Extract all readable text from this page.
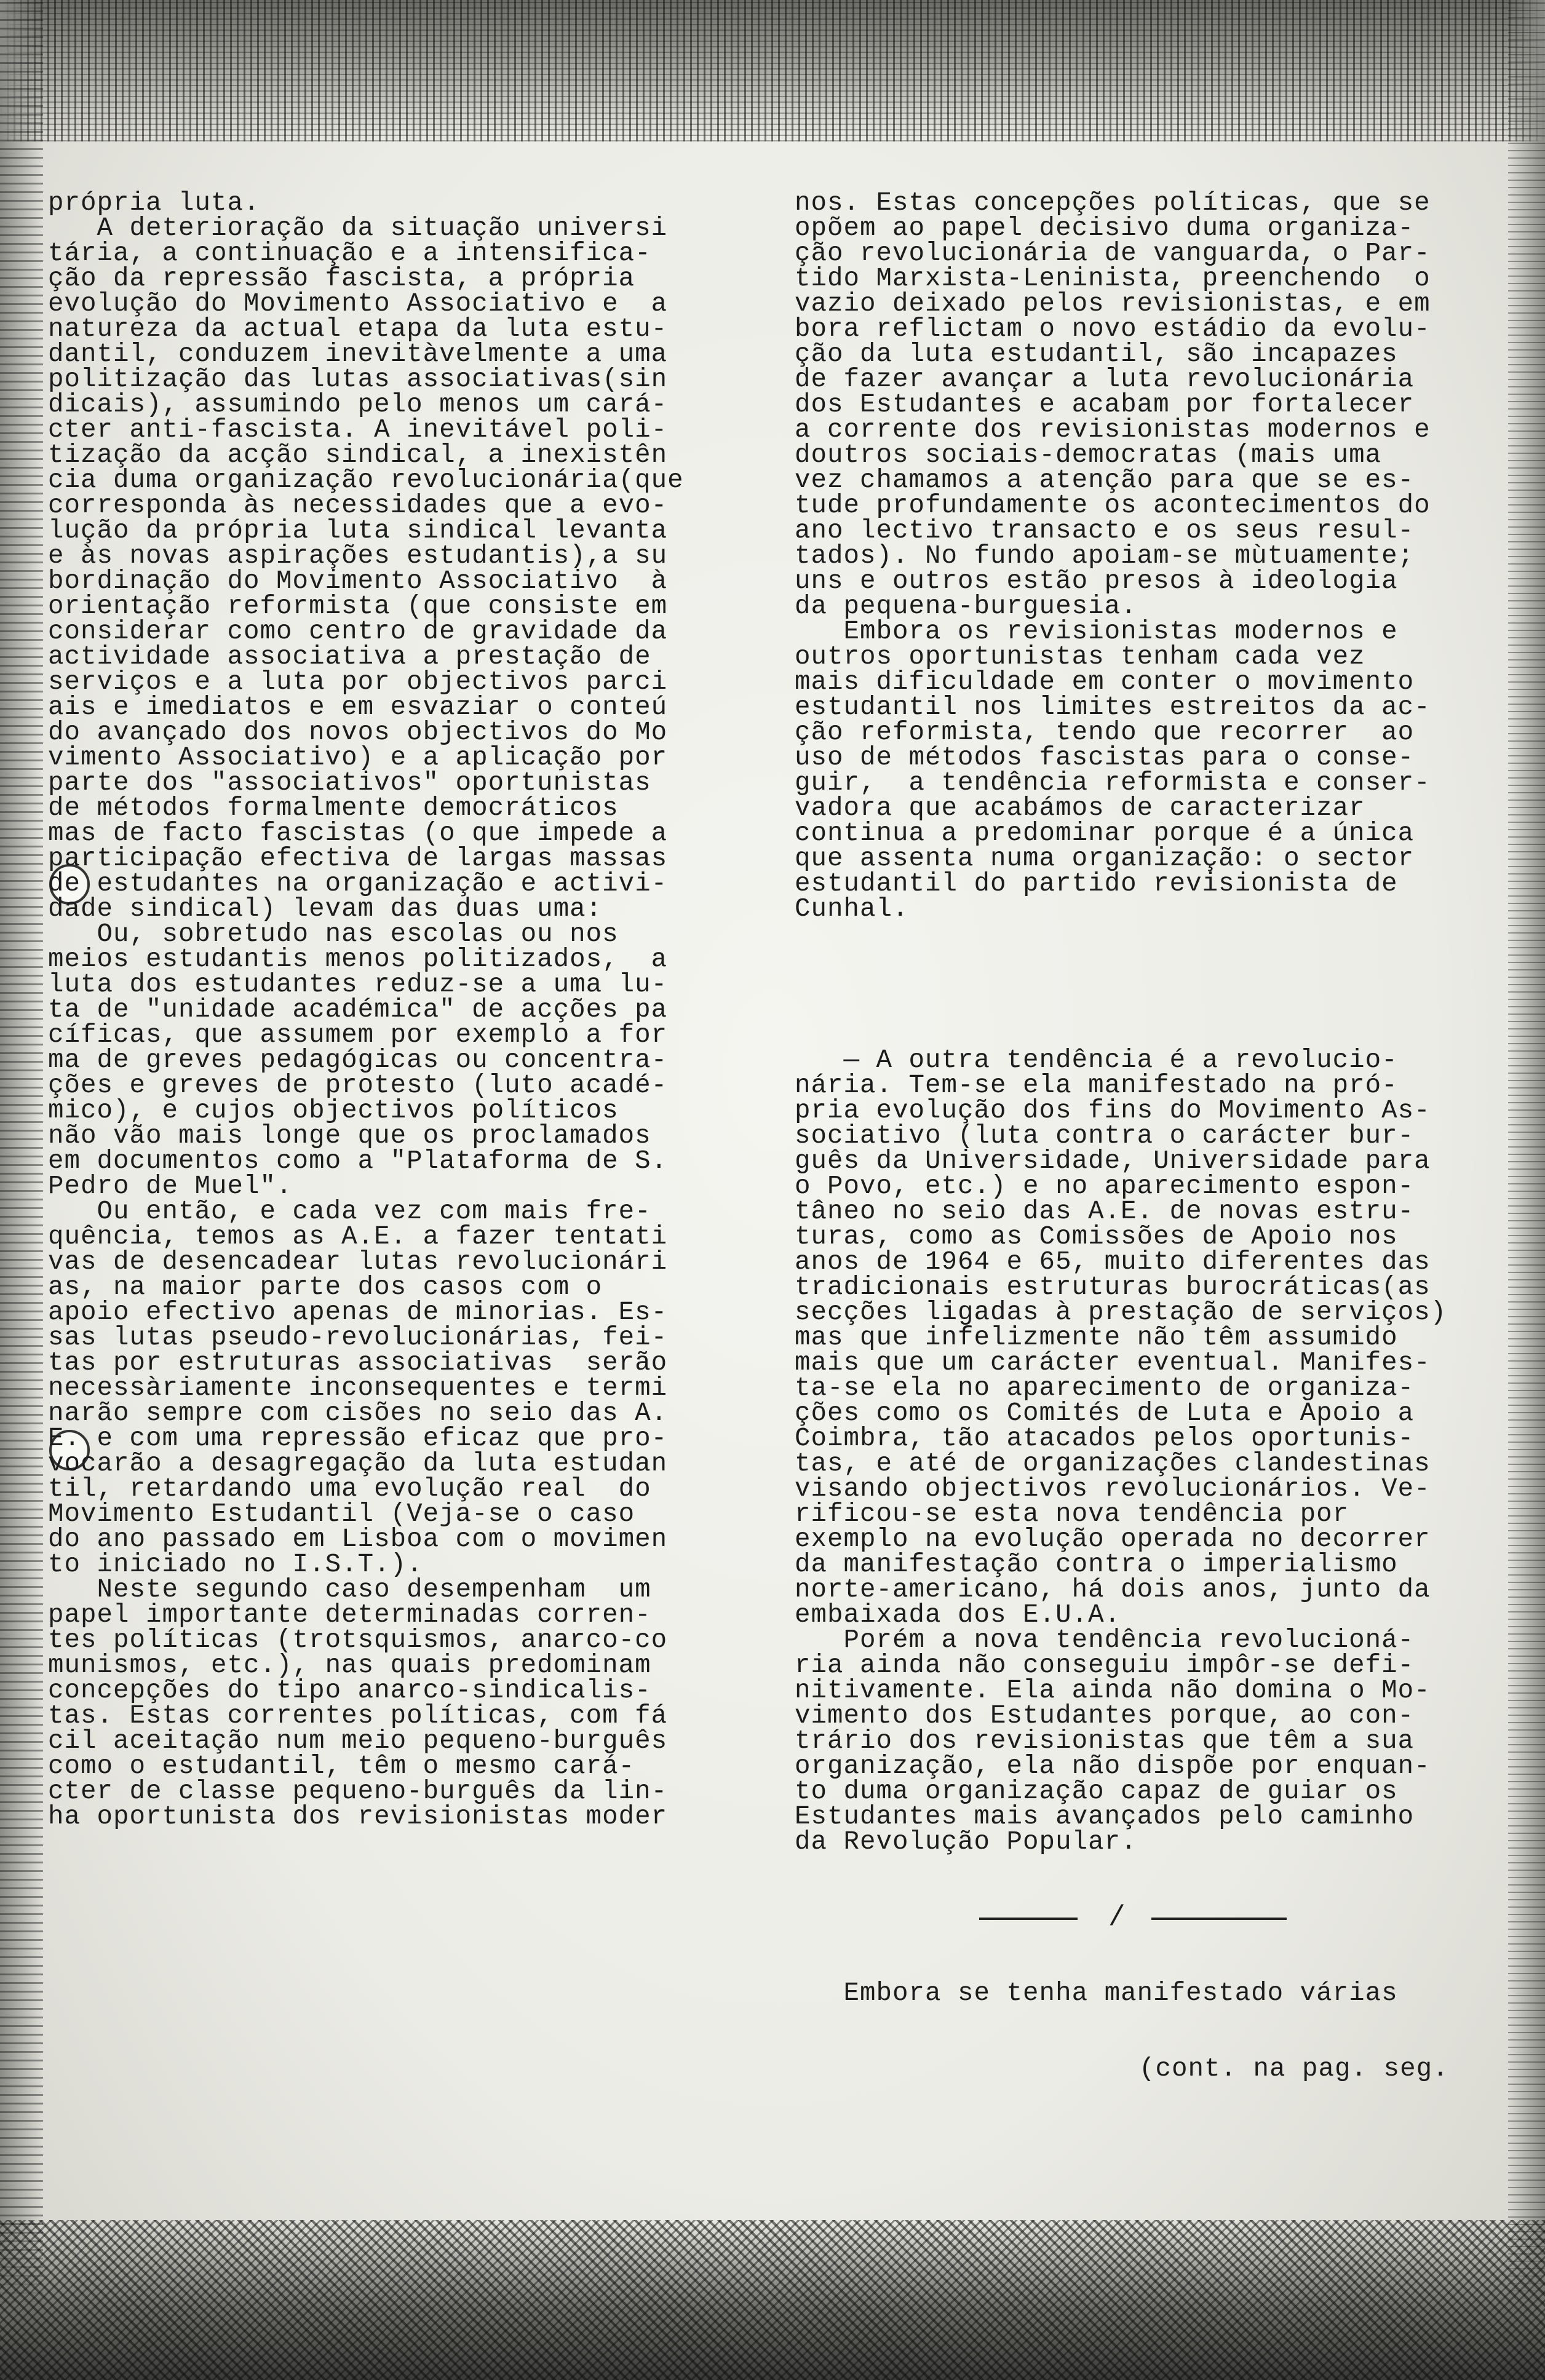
própria luta.
A deterioração da situação universi
tária, a continuação e a intensifica-
ção da repressão fascista, a própria
evolução do Movimento Associativo e  a
natureza da actual etapa da luta estu-
dantil, conduzem inevitàvelmente a uma
politização das lutas associativas(sin
dicais), assumindo pelo menos um cará-
cter anti-fascista. A inevitável poli-
tização da acção sindical, a inexistên
cia duma organização revolucionária(que
corresponda às necessidades que a evo-
lução da própria luta sindical levanta
e às novas aspirações estudantis),a su
bordinação do Movimento Associativo  à
orientação reformista (que consiste em
considerar como centro de gravidade da
actividade associativa a prestação de
serviços e a luta por objectivos parci
ais e imediatos e em esvaziar o conteú
do avançado dos novos objectivos do Mo
vimento Associativo) e a aplicação por
parte dos "associativos" oportunistas
de métodos formalmente democráticos
mas de facto fascistas (o que impede a
participação efectiva de largas massas
de estudantes na organização e activi-
dade sindical) levam das duas uma:
Ou, sobretudo nas escolas ou nos
meios estudantis menos politizados,  a
luta dos estudantes reduz-se a uma lu-
ta de "unidade académica" de acções pa
cíficas, que assumem por exemplo a for
ma de greves pedagógicas ou concentra-
ções e greves de protesto (luto acadé-
mico), e cujos objectivos políticos
não vão mais longe que os proclamados
em documentos como a "Plataforma de S.
Pedro de Muel".
Ou então, e cada vez com mais fre-
quência, temos as A.E. a fazer tentati
vas de desencadear lutas revolucionári
as, na maior parte dos casos com o
apoio efectivo apenas de minorias. Es-
sas lutas pseudo-revolucionárias, fei-
tas por estruturas associativas  serão
necessàriamente inconsequentes e termi
narão sempre com cisões no seio das A.
E. e com uma repressão eficaz que pro-
vocarão a desagregação da luta estudan
til, retardando uma evolução real  do
Movimento Estudantil (Veja-se o caso
do ano passado em Lisboa com o movimen
to iniciado no I.S.T.).
Neste segundo caso desempenham  um
papel importante determinadas corren-
tes políticas (trotsquismos, anarco-co
munismos, etc.), nas quais predominam
concepções do tipo anarco-sindicalis-
tas. Estas correntes políticas, com fá
cil aceitação num meio pequeno-burguês
como o estudantil, têm o mesmo cará-
cter de classe pequeno-burguês da lin-
ha oportunista dos revisionistas moder

nos. Estas concepções políticas, que se
opõem ao papel decisivo duma organiza-
ção revolucionária de vanguarda, o Par-
tido Marxista-Leninista, preenchendo  o
vazio deixado pelos revisionistas, e em
bora reflictam o novo estádio da evolu-
ção da luta estudantil, são incapazes
de fazer avançar a luta revolucionária
dos Estudantes e acabam por fortalecer
a corrente dos revisionistas modernos e
doutros sociais-democratas (mais uma
vez chamamos a atenção para que se es-
tude profundamente os acontecimentos do
ano lectivo transacto e os seus resul-
tados). No fundo apoiam-se mùtuamente;
uns e outros estão presos à ideologia
da pequena-burguesia.
Embora os revisionistas modernos e
outros oportunistas tenham cada vez
mais dificuldade em conter o movimento
estudantil nos limites estreitos da ac-
ção reformista, tendo que recorrer  ao
uso de métodos fascistas para o conse-
guir,  a tendência reformista e conser-
vadora que acabámos de caracterizar
continua a predominar porque é a única
que assenta numa organização: o sector
estudantil do partido revisionista de
Cunhal.

— A outra tendência é a revolucio-
nária. Tem-se ela manifestado na pró-
pria evolução dos fins do Movimento As-
sociativo (luta contra o carácter bur-
guês da Universidade, Universidade para
o Povo, etc.) e no aparecimento espon-
tâneo no seio das A.E. de novas estru-
turas, como as Comissões de Apoio nos
anos de 1964 e 65, muito diferentes das
tradicionais estruturas burocráticas(as
secções ligadas à prestação de serviços)
mas que infelizmente não têm assumido
mais que um carácter eventual. Manifes-
ta-se ela no aparecimento de organiza-
ções como os Comités de Luta e Apoio a
Coimbra, tão atacados pelos oportunis-
tas, e até de organizações clandestinas
visando objectivos revolucionários. Ve-
rificou-se esta nova tendência por
exemplo na evolução operada no decorrer
da manifestação contra o imperialismo
norte-americano, há dois anos, junto da
embaixada dos E.U.A.
Porém a nova tendência revolucioná-
ria ainda não conseguiu impôr-se defi-
nitivamente. Ela ainda não domina o Mo-
vimento dos Estudantes porque, ao con-
trário dos revisionistas que têm a sua
organização, ela não dispõe por enquan-
to duma organização capaz de guiar os
Estudantes mais avançados pelo caminho
da Revolução Popular.

/

Embora se tenha manifestado várias

(cont. na pag. seg.
